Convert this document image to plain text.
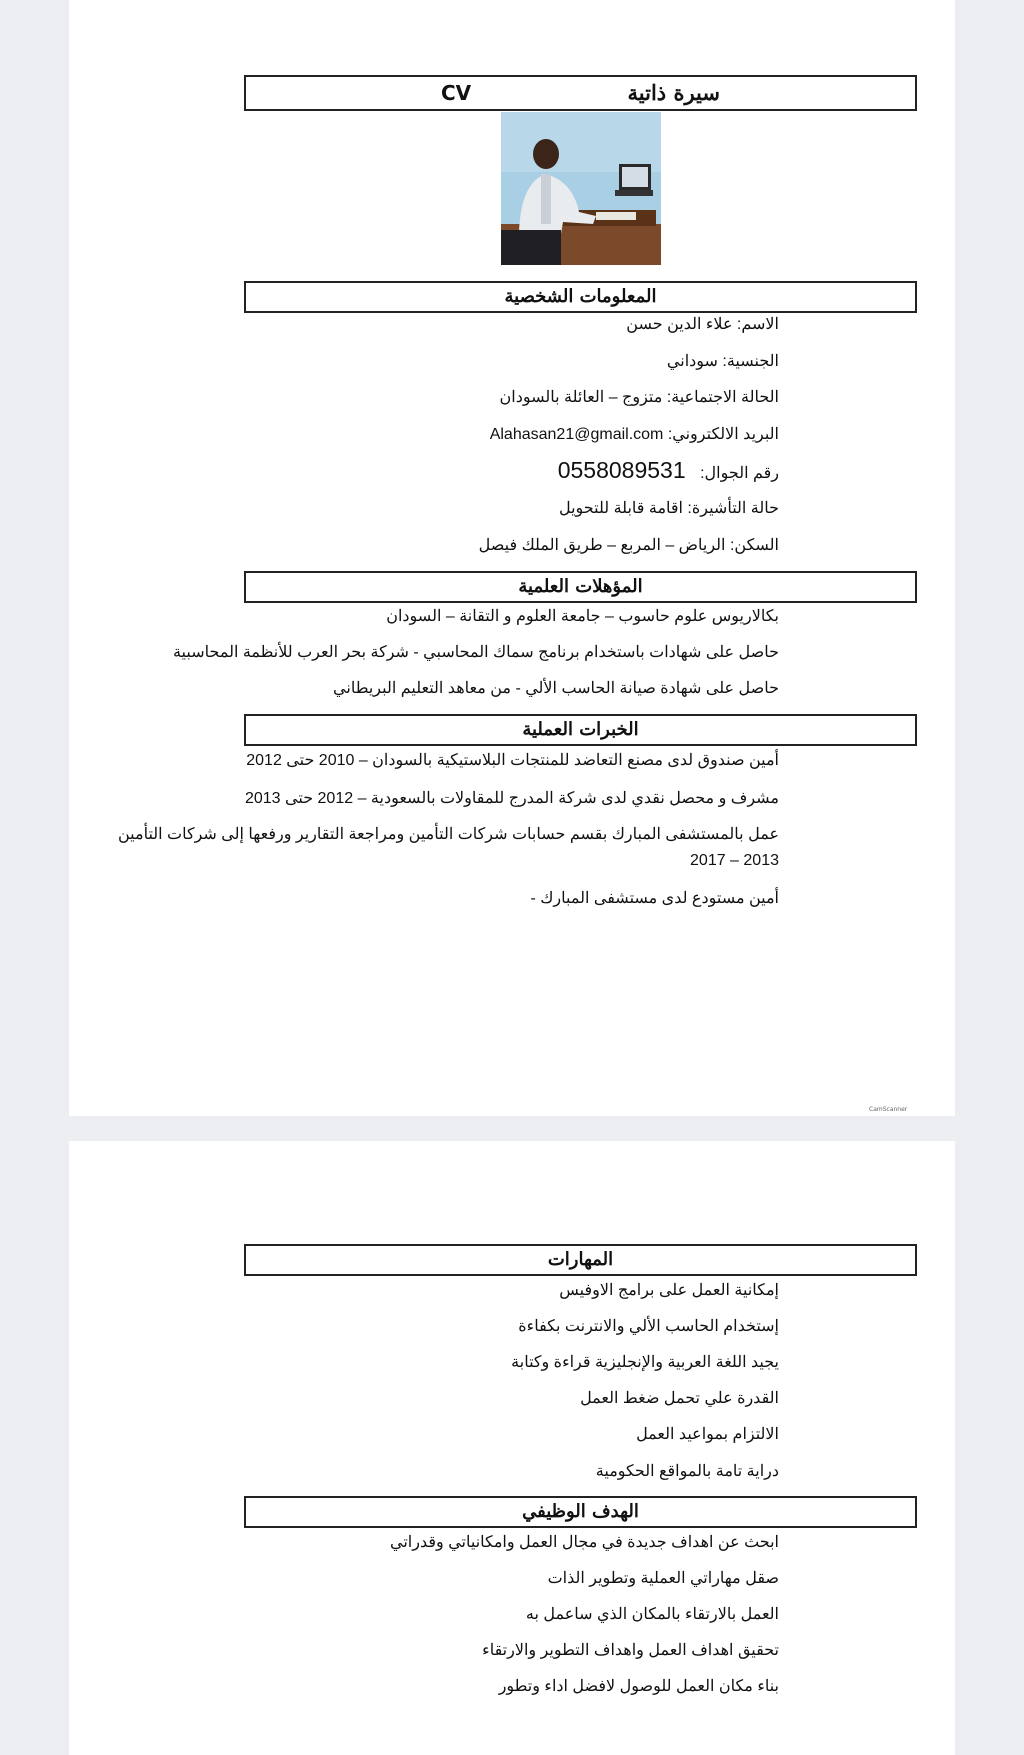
CV	سيرة ذاتية
المعلومات الشخصية
الاسم: علاء الدين حسن
الجنسية: سوداني
الحالة الاجتماعية: متزوج – العائلة بالسودان
البريد الالكتروني: Alahasan21@gmail.com
رقم الجوال: 0558089531
حالة التأشيرة: اقامة قابلة للتحويل
السكن: الرياض – المربع – طريق الملك فيصل
المؤهلات العلمية
بكالاريوس علوم حاسوب – جامعة العلوم و التقانة – السودان
حاصل على شهادات باستخدام برنامج سماك المحاسبي - شركة بحر العرب للأنظمة المحاسبية
حاصل على شهادة صيانة الحاسب الألي - من معاهد التعليم البريطاني
الخبرات العملية
أمين صندوق لدى مصنع التعاضد للمنتجات البلاستيكية بالسودان – 2010 حتى 2012
مشرف و محصل نقدي لدى شركة المدرج للمقاولات بالسعودية – 2012 حتى 2013
عمل بالمستشفى المبارك بقسم حسابات شركات التأمين ومراجعة التقارير ورفعها إلى شركات التأمين
2013 – 2017
أمين مستودع لدى مستشفى المبارك -
CamScanner
المهارات
إمكانية العمل على برامج الاوفيس
إستخدام الحاسب الألي والانترنت بكفاءة
يجيد اللغة العربية والإنجليزية قراءة وكتابة
القدرة علي تحمل ضغط العمل
الالتزام بمواعيد العمل
دراية تامة بالمواقع الحكومية
الهدف الوظيفي
ابحث عن اهداف جديدة في مجال العمل وامكانياتي وقدراتي
صقل مهاراتي العملية وتطوير الذات
العمل بالارتقاء بالمكان الذي ساعمل به
تحقيق اهداف العمل واهداف التطوير والارتقاء
بناء مكان العمل للوصول لافضل اداء وتطور
